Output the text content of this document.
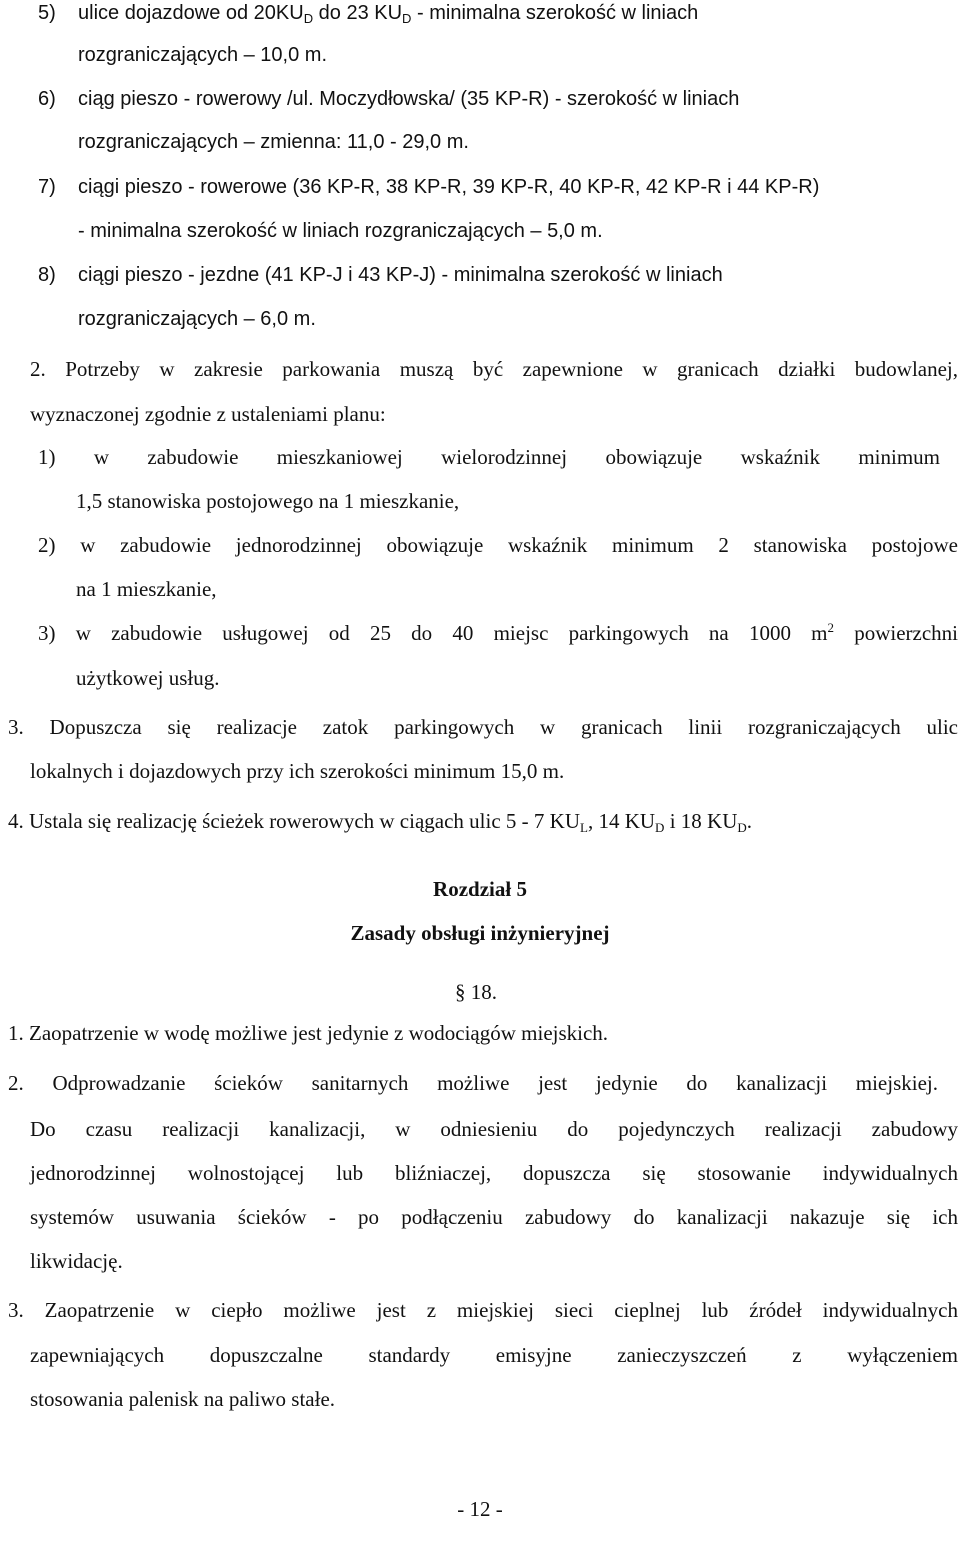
5) ulice dojazdowe od $20KU_D$ do 23 $KU_D$ - minimalna szerokość w liniach
rozgraniczających – 10,0 m.
6) ciąg pieszo - rowerowy /ul. Moczydłowska/ (35 KP-R) - szerokość w liniach
rozgraniczających – zmienna: 11,0 - 29,0 m.
7) ciągi pieszo - rowerowe (36 KP-R, 38 KP-R, 39 KP-R, 40 KP-R, 42 KP-R i 44 KP-R)
- minimalna szerokość w liniach rozgraniczających – 5,0 m.
8) ciągi pieszo - jezdne (41 KP-J i 43 KP-J) - minimalna szerokość w liniach
rozgraniczających – 6,0 m.
2. Potrzeby w zakresie parkowania muszą być zapewnione w granicach działki budowlanej,
wyznaczonej zgodnie z ustaleniami planu:
1) w zabudowie mieszkaniowej wielorodzinnej obowiązuje wskaźnik minimum
1,5 stanowiska postojowego na 1 mieszkanie,
2) w zabudowie jednorodzinnej obowiązuje wskaźnik minimum 2 stanowiska postojowe
na 1 mieszkanie,
3) w zabudowie usługowej od 25 do 40 miejsc parkingowych na 1000 $m^2$ powierzchni
użytkowej usług.
3. Dopuszcza się realizacje zatok parkingowych w granicach linii rozgraniczających ulic
lokalnych i dojazdowych przy ich szerokości minimum 15,0 m.
4. Ustala się realizację ścieżek rowerowych w ciągach ulic 5 - 7 $KU_L$, 14 $KU_D$ i 18 $KU_D$.
Rozdział 5
Zasady obsługi inżynieryjnej
§ 18.
1. Zaopatrzenie w wodę możliwe jest jedynie z wodociągów miejskich.
2. Odprowadzanie ścieków sanitarnych możliwe jest jedynie do kanalizacji miejskiej.
Do czasu realizacji kanalizacji, w odniesieniu do pojedynczych realizacji zabudowy
jednorodzinnej wolnostojącej lub bliźniaczej, dopuszcza się stosowanie indywidualnych
systemów usuwania ścieków - po podłączeniu zabudowy do kanalizacji nakazuje się ich
likwidację.
3. Zaopatrzenie w ciepło możliwe jest z miejskiej sieci cieplnej lub źródeł indywidualnych
zapewniających dopuszczalne standardy emisyjne zanieczyszczeń z wyłączeniem
stosowania palenisk na paliwo stałe.
- 12 -
